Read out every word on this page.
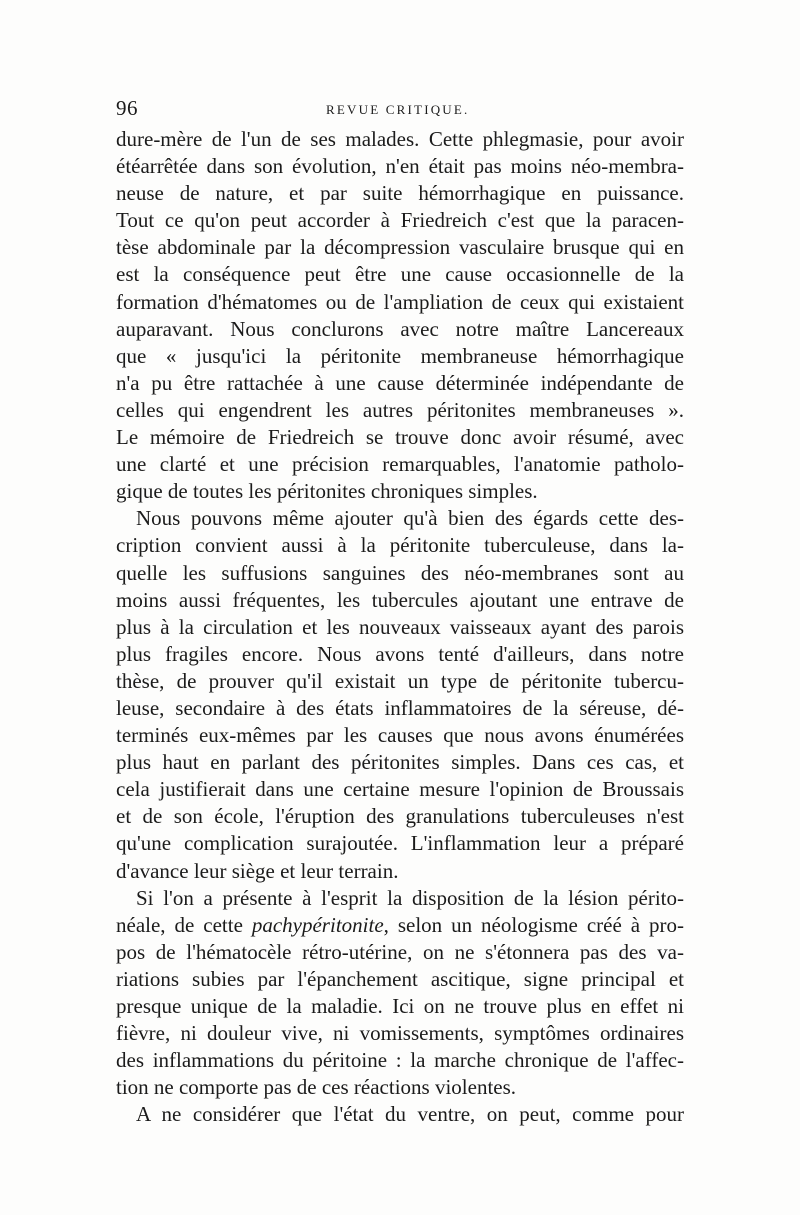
96	REVUE CRITIQUE.
dure-mère de l'un de ses malades. Cette phlegmasie, pour avoir
étéarrêtée dans son évolution, n'en était pas moins néo-membra-
neuse de nature, et par suite hémorrhagique en puissance.
Tout ce qu'on peut accorder à Friedreich c'est que la paracen-
tèse abdominale par la décompression vasculaire brusque qui en
est la conséquence peut être une cause occasionnelle de la
formation d'hématomes ou de l'ampliation de ceux qui existaient
auparavant. Nous conclurons avec notre maître Lancereaux
que « jusqu'ici la péritonite membraneuse hémorrhagique
n'a pu être rattachée à une cause déterminée indépendante de
celles qui engendrent les autres péritonites membraneuses ».
Le mémoire de Friedreich se trouve donc avoir résumé, avec
une clarté et une précision remarquables, l'anatomie patholo-
gique de toutes les péritonites chroniques simples.
Nous pouvons même ajouter qu'à bien des égards cette des-
cription convient aussi à la péritonite tuberculeuse, dans la-
quelle les suffusions sanguines des néo-membranes sont au
moins aussi fréquentes, les tubercules ajoutant une entrave de
plus à la circulation et les nouveaux vaisseaux ayant des parois
plus fragiles encore. Nous avons tenté d'ailleurs, dans notre
thèse, de prouver qu'il existait un type de péritonite tubercu-
leuse, secondaire à des états inflammatoires de la séreuse, dé-
terminés eux-mêmes par les causes que nous avons énumérées
plus haut en parlant des péritonites simples. Dans ces cas, et
cela justifierait dans une certaine mesure l'opinion de Broussais
et de son école, l'éruption des granulations tuberculeuses n'est
qu'une complication surajoutée. L'inflammation leur a préparé
d'avance leur siège et leur terrain.
Si l'on a présente à l'esprit la disposition de la lésion périto-
néale, de cette pachypéritonite, selon un néologisme créé à pro-
pos de l'hématocèle rétro-utérine, on ne s'étonnera pas des va-
riations subies par l'épanchement ascitique, signe principal et
presque unique de la maladie. Ici on ne trouve plus en effet ni
fièvre, ni douleur vive, ni vomissements, symptômes ordinaires
des inflammations du péritoine : la marche chronique de l'affec-
tion ne comporte pas de ces réactions violentes.
A ne considérer que l'état du ventre, on peut, comme pour
